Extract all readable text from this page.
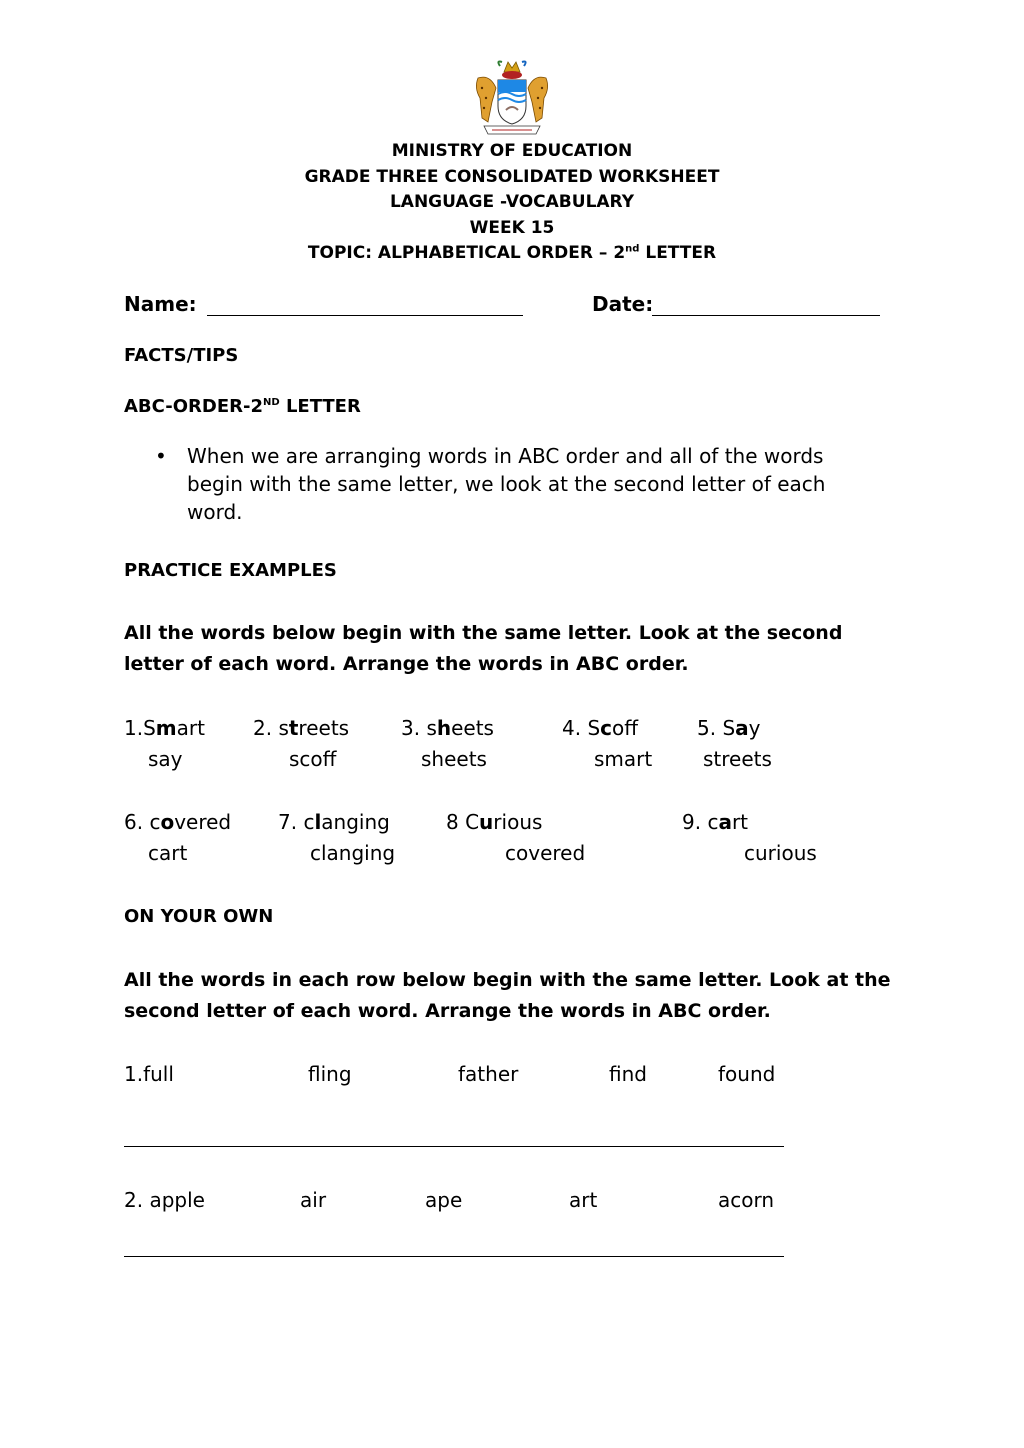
MINISTRY OF EDUCATION
GRADE THREE CONSOLIDATED WORKSHEET
LANGUAGE -VOCABULARY
WEEK 15
TOPIC: ALPHABETICAL ORDER – 2nd LETTER
Name:	Date:
FACTS/TIPS
ABC-ORDER-2ND LETTER
• When we are arranging words in ABC order and all of the words
begin with the same letter, we look at the second letter of each
word.
PRACTICE EXAMPLES
All the words below begin with the same letter. Look at the second
letter of each word. Arrange the words in ABC order.
1.Smart 2. streets	3. sheets	4. Scoff	5. Say
say	scoff	sheets	smart	streets
6. covered 7. clanging	8 Curious	9. cart
cart	clanging	covered	curious
ON YOUR OWN
All the words in each row below begin with the same letter. Look at the
second letter of each word. Arrange the words in ABC order.
1.full	fling	father	find	found
2. apple	air	ape	art	acorn
